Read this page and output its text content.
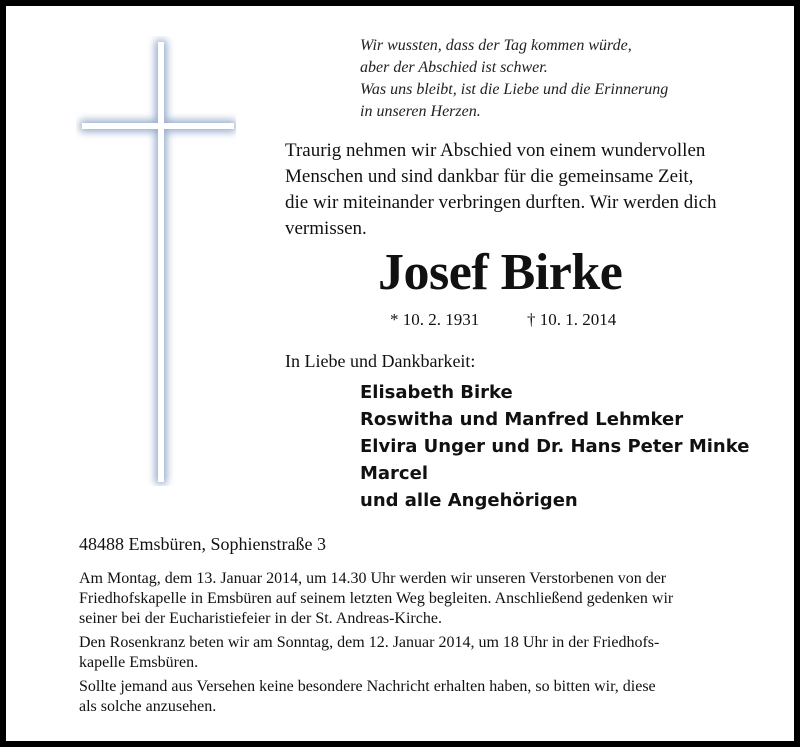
Wir wussten, dass der Tag kommen würde,
aber der Abschied ist schwer.
Was uns bleibt, ist die Liebe und die Erinnerung
in unseren Herzen.
Traurig nehmen wir Abschied von einem wundervollen
Menschen und sind dankbar für die gemeinsame Zeit,
die wir miteinander verbringen durften. Wir werden dich
vermissen.
Josef Birke
* 10. 2. 1931	† 10. 1. 2014
In Liebe und Dankbarkeit:
Elisabeth Birke
Roswitha und Manfred Lehmker
Elvira Unger und Dr. Hans Peter Minke
Marcel
und alle Angehörigen
48488 Emsbüren, Sophienstraße 3
Am Montag, dem 13. Januar 2014, um 14.30 Uhr werden wir unseren Verstorbenen von der
Friedhofskapelle in Emsbüren auf seinem letzten Weg begleiten. Anschließend gedenken wir
seiner bei der Eucharistiefeier in der St. Andreas-Kirche.
Den Rosenkranz beten wir am Sonntag, dem 12. Januar 2014, um 18 Uhr in der Friedhofs-
kapelle Emsbüren.
Sollte jemand aus Versehen keine besondere Nachricht erhalten haben, so bitten wir, diese
als solche anzusehen.
